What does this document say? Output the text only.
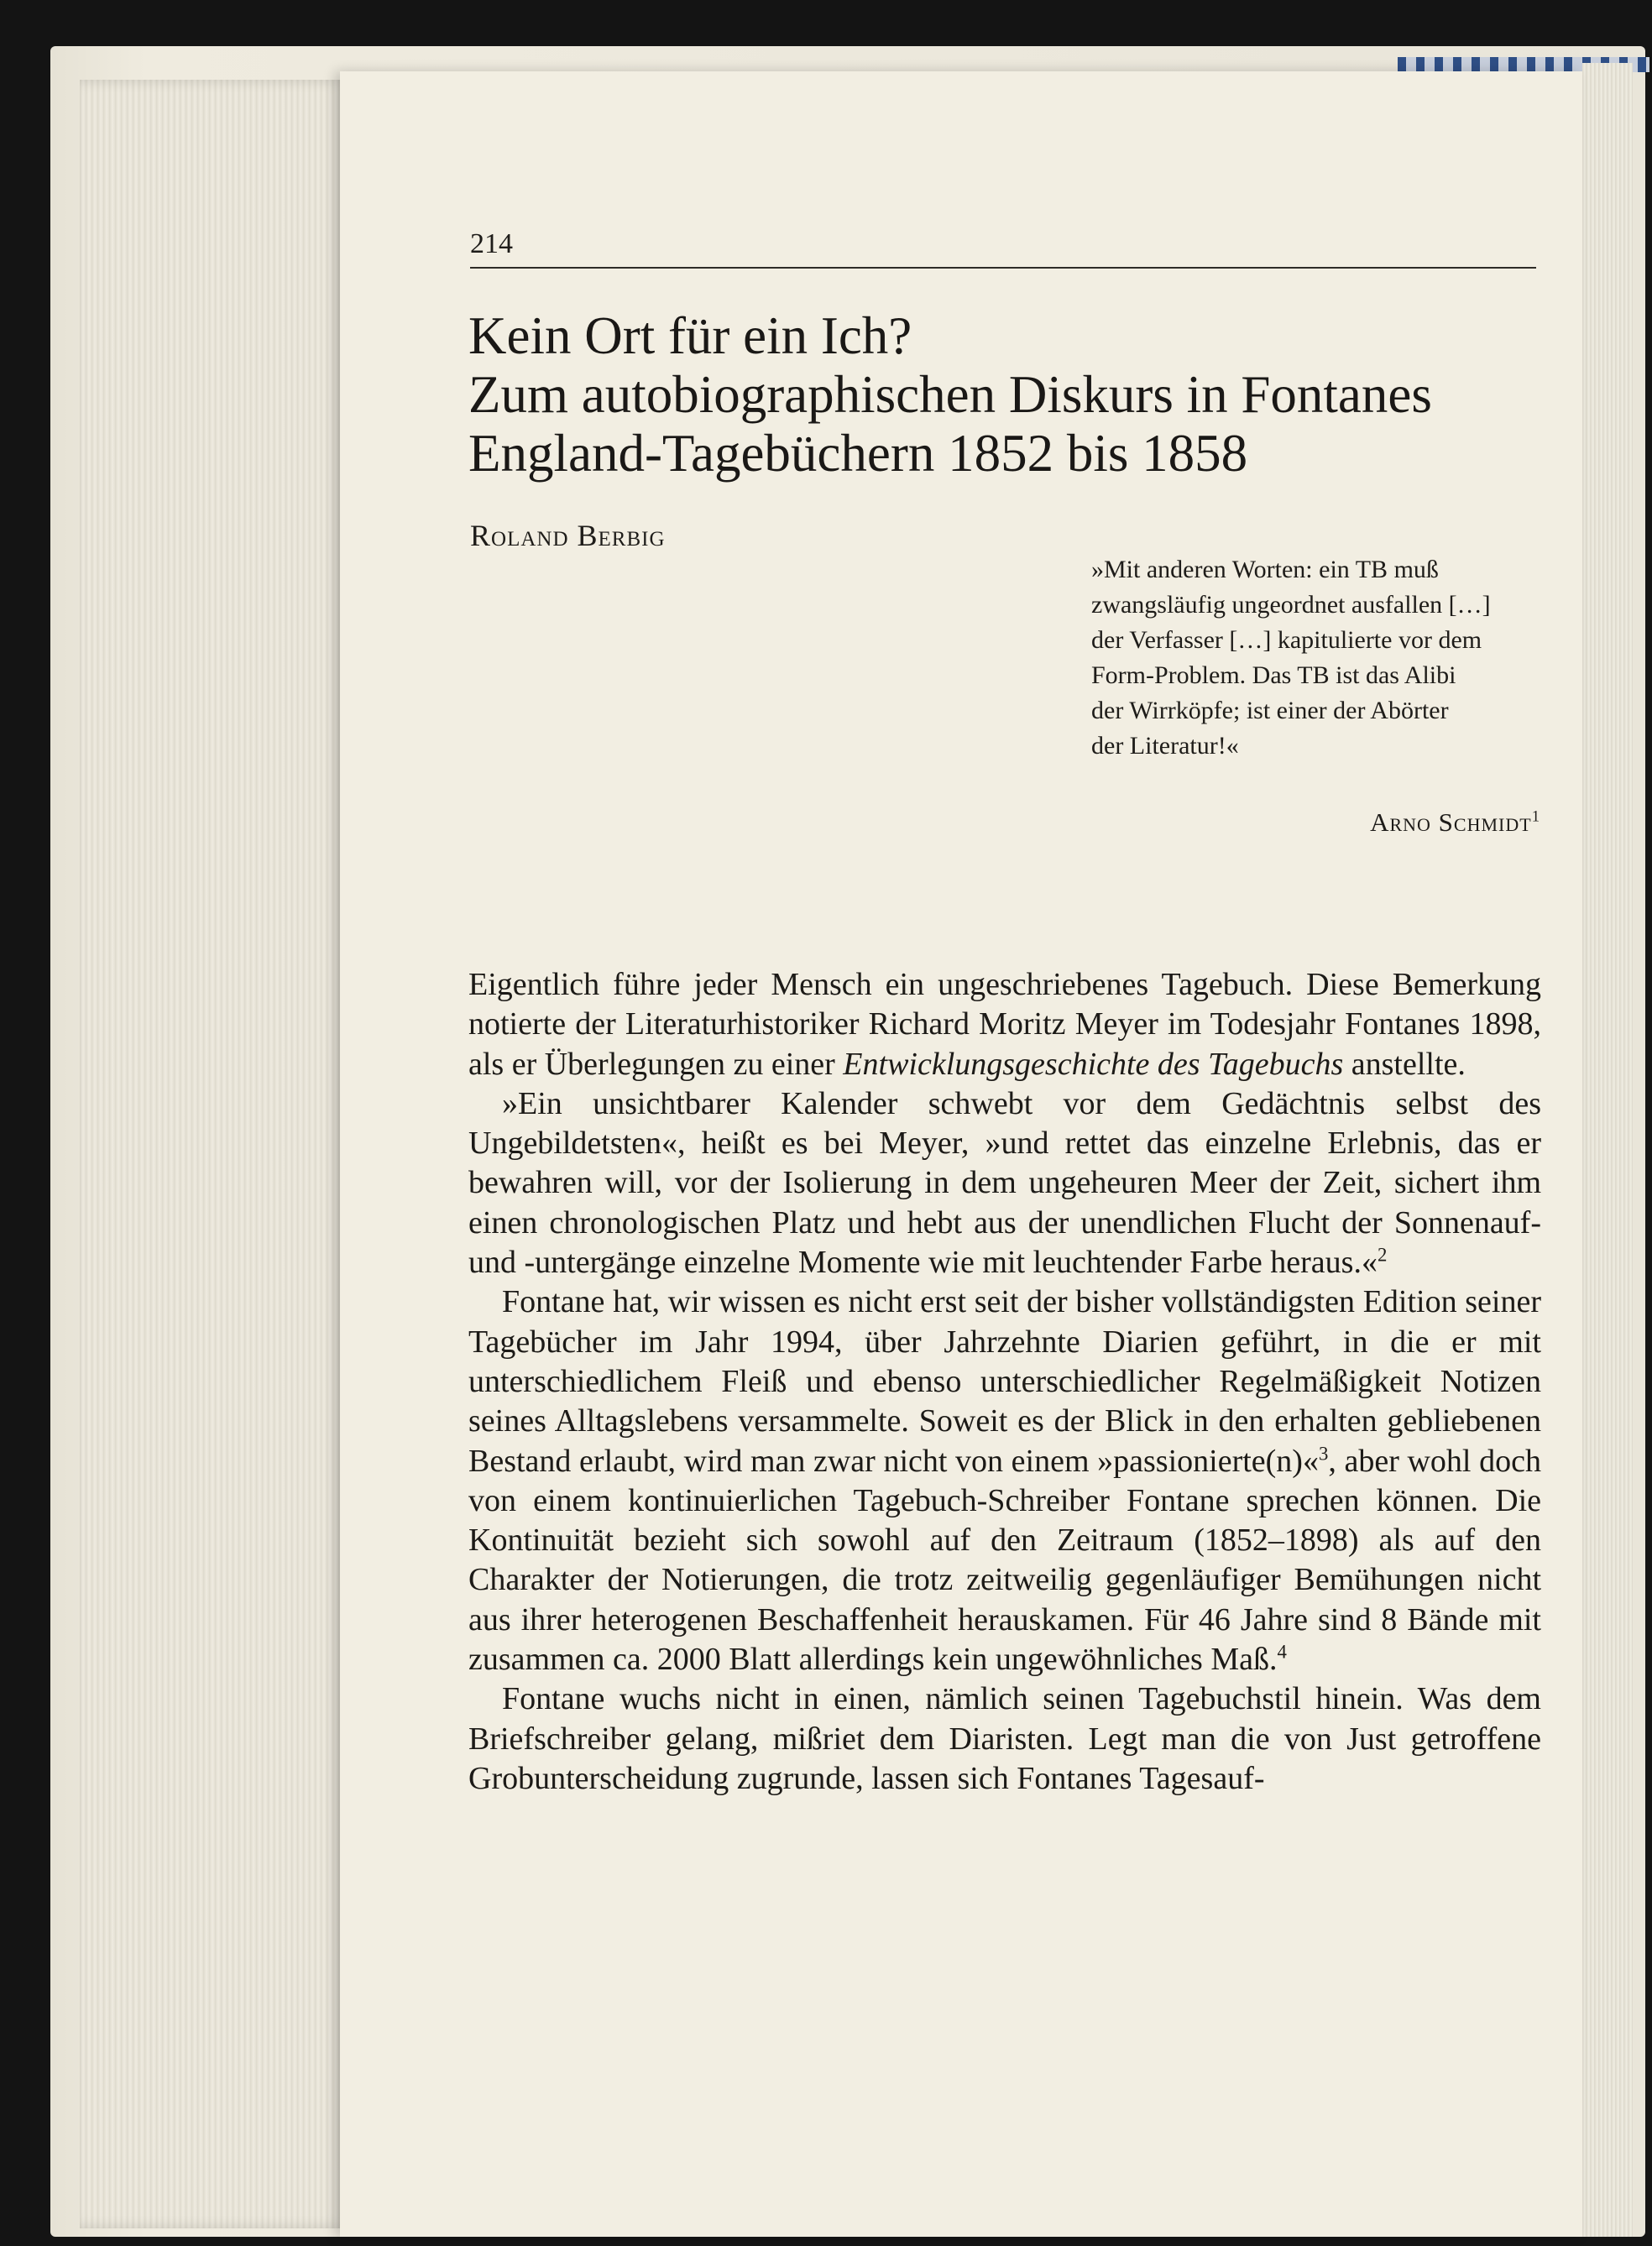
214
Kein Ort für ein Ich?
Zum autobiographischen Diskurs in Fontanes
England-Tagebüchern 1852 bis 1858
Roland Berbig
»Mit anderen Worten: ein TB muß
zwangsläufig ungeordnet ausfallen […]
der Verfasser […] kapitulierte vor dem
Form-Problem. Das TB ist das Alibi
der Wirrköpfe; ist einer der Abörter
der Literatur!«
Arno Schmidt$^1$

Eigentlich führe jeder Mensch ein ungeschriebenes Tagebuch. Diese Bemerkung notierte der Literaturhistoriker Richard Moritz Meyer im Todesjahr Fontanes 1898, als er Überlegungen zu einer Entwicklungsgeschichte des Tagebuchs anstellte.

»Ein unsichtbarer Kalender schwebt vor dem Gedächtnis selbst des Ungebildetsten«, heißt es bei Meyer, »und rettet das einzelne Erlebnis, das er bewahren will, vor der Isolierung in dem ungeheuren Meer der Zeit, sichert ihm einen chronologischen Platz und hebt aus der unendlichen Flucht der Sonnenauf- und -untergänge einzelne Momente wie mit leuchtender Farbe heraus.«$^2$

Fontane hat, wir wissen es nicht erst seit der bisher vollständigsten Edition seiner Tagebücher im Jahr 1994, über Jahrzehnte Diarien geführt, in die er mit unterschiedlichem Fleiß und ebenso unterschiedlicher Regelmäßigkeit Notizen seines Alltagslebens versammelte. Soweit es der Blick in den erhalten gebliebenen Bestand erlaubt, wird man zwar nicht von einem »passionierte(n)«$^3$, aber wohl doch von einem kontinuierlichen Tagebuch-Schreiber Fontane sprechen können. Die Kontinuität bezieht sich sowohl auf den Zeitraum (1852–1898) als auf den Charakter der Notierungen, die trotz zeitweilig gegenläufiger Bemühungen nicht aus ihrer heterogenen Beschaffenheit herauskamen. Für 46 Jahre sind 8 Bände mit zusammen ca. 2000 Blatt allerdings kein ungewöhnliches Maß.$^4$

Fontane wuchs nicht in einen, nämlich seinen Tagebuchstil hinein. Was dem Briefschreiber gelang, mißriet dem Diaristen. Legt man die von Just getroffene Grobunterscheidung zugrunde, lassen sich Fontanes Tagesauf-
